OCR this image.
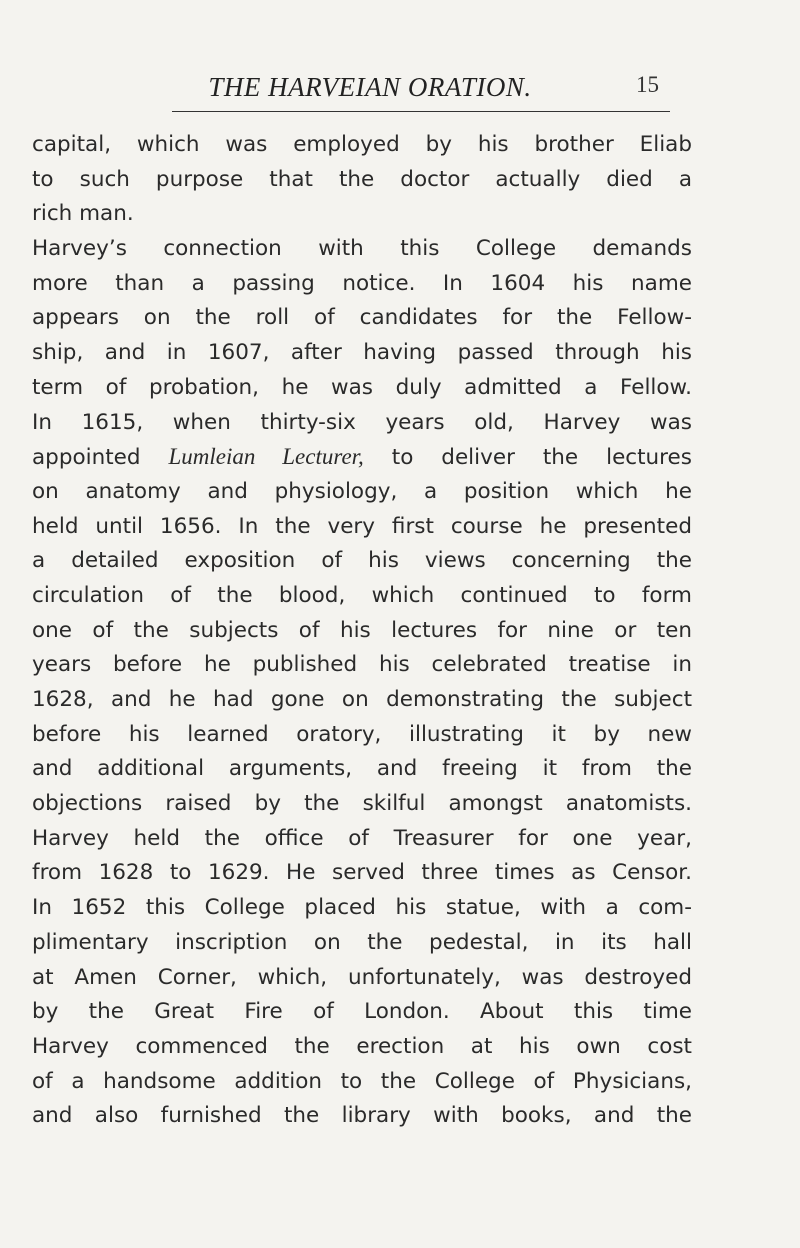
THE HARVEIAN ORATION.	15
capital, which was employed by his brother Eliab
to such purpose that the doctor actually died a
rich man.
Harvey’s connection with this College demands
more than a passing notice. In 1604 his name
appears on the roll of candidates for the Fellow-
ship, and in 1607, after having passed through his
term of probation, he was duly admitted a Fellow.
In 1615, when thirty-six years old, Harvey was
appointed Lumleian Lecturer, to deliver the lectures
on anatomy and physiology, a position which he
held until 1656. In the very first course he presented
a detailed exposition of his views concerning the
circulation of the blood, which continued to form
one of the subjects of his lectures for nine or ten
years before he published his celebrated treatise in
1628, and he had gone on demonstrating the subject
before his learned oratory, illustrating it by new
and additional arguments, and freeing it from the
objections raised by the skilful amongst anatomists.
Harvey held the office of Treasurer for one year,
from 1628 to 1629. He served three times as Censor.
In 1652 this College placed his statue, with a com-
plimentary inscription on the pedestal, in its hall
at Amen Corner, which, unfortunately, was destroyed
by the Great Fire of London. About this time
Harvey commenced the erection at his own cost
of a handsome addition to the College of Physicians,
and also furnished the library with books, and the
